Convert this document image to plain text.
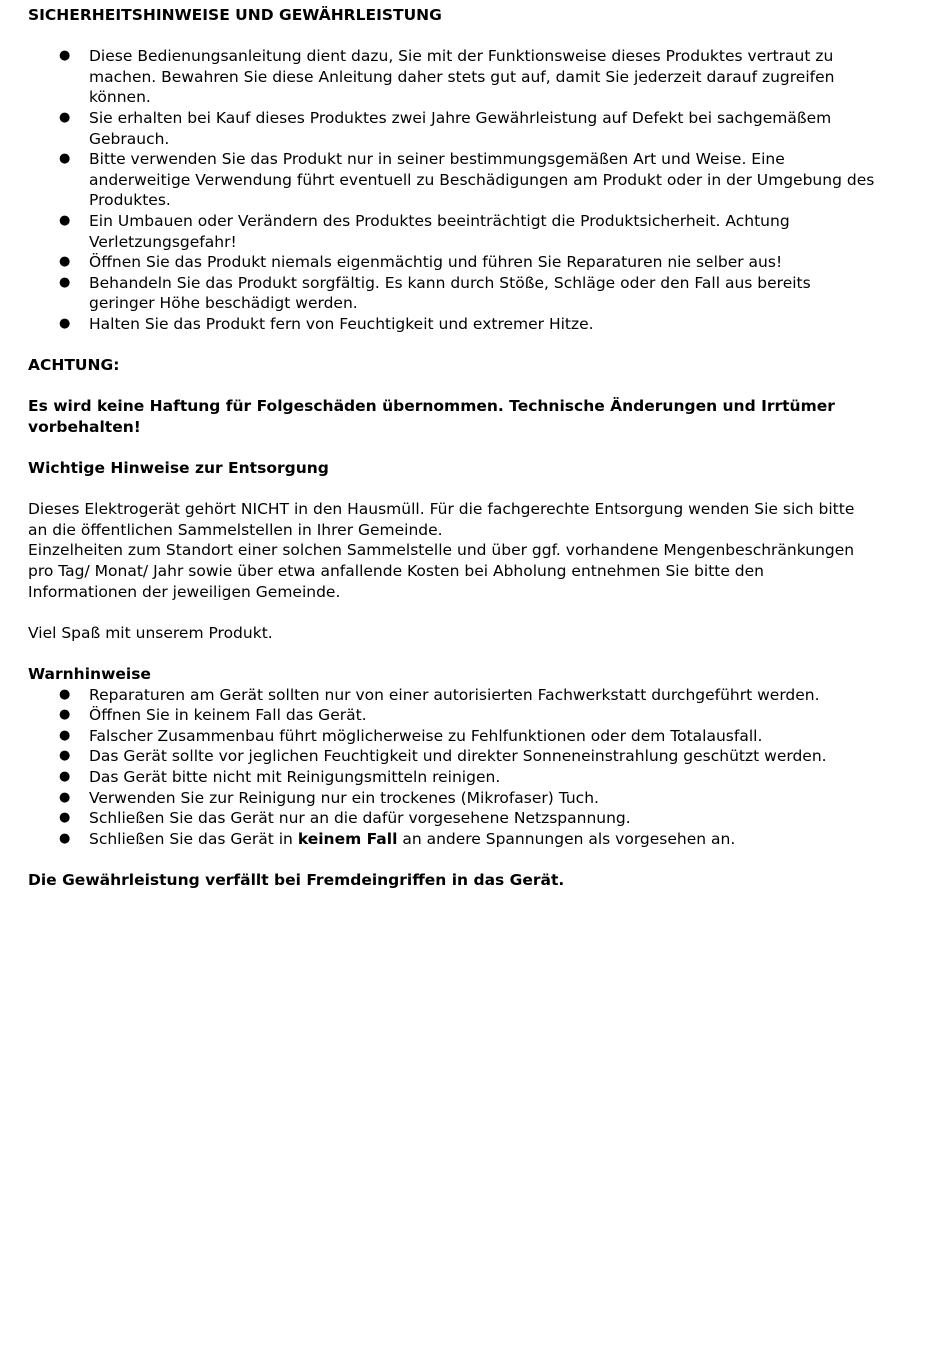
SICHERHEITSHINWEISE UND GEWÄHRLEISTUNG

● Diese Bedienungsanleitung dient dazu, Sie mit der Funktionsweise dieses Produktes vertraut zu machen. Bewahren Sie diese Anleitung daher stets gut auf, damit Sie jederzeit darauf zugreifen können.
● Sie erhalten bei Kauf dieses Produktes zwei Jahre Gewährleistung auf Defekt bei sachgemäßem Gebrauch.
● Bitte verwenden Sie das Produkt nur in seiner bestimmungsgemäßen Art und Weise. Eine anderweitige Verwendung führt eventuell zu Beschädigungen am Produkt oder in der Umgebung des Produktes.
● Ein Umbauen oder Verändern des Produktes beeinträchtigt die Produktsicherheit. Achtung Verletzungsgefahr!
● Öffnen Sie das Produkt niemals eigenmächtig und führen Sie Reparaturen nie selber aus!
● Behandeln Sie das Produkt sorgfältig. Es kann durch Stöße, Schläge oder den Fall aus bereits geringer Höhe beschädigt werden.
● Halten Sie das Produkt fern von Feuchtigkeit und extremer Hitze.

ACHTUNG:

Es wird keine Haftung für Folgeschäden übernommen. Technische Änderungen und Irrtümer vorbehalten!

Wichtige Hinweise zur Entsorgung

Dieses Elektrogerät gehört NICHT in den Hausmüll. Für die fachgerechte Entsorgung wenden Sie sich bitte an die öffentlichen Sammelstellen in Ihrer Gemeinde.

Einzelheiten zum Standort einer solchen Sammelstelle und über ggf. vorhandene Mengenbeschränkungen pro Tag/ Monat/ Jahr sowie über etwa anfallende Kosten bei Abholung entnehmen Sie bitte den Informationen der jeweiligen Gemeinde.

Viel Spaß mit unserem Produkt.

Warnhinweise

● Reparaturen am Gerät sollten nur von einer autorisierten Fachwerkstatt durchgeführt werden.
● Öffnen Sie in keinem Fall das Gerät.
● Falscher Zusammenbau führt möglicherweise zu Fehlfunktionen oder dem Totalausfall.
● Das Gerät sollte vor jeglichen Feuchtigkeit und direkter Sonneneinstrahlung geschützt werden.
● Das Gerät bitte nicht mit Reinigungsmitteln reinigen.
● Verwenden Sie zur Reinigung nur ein trockenes (Mikrofaser) Tuch.
● Schließen Sie das Gerät nur an die dafür vorgesehene Netzspannung.
● Schließen Sie das Gerät in keinem Fall an andere Spannungen als vorgesehen an.

Die Gewährleistung verfällt bei Fremdeingriffen in das Gerät.
